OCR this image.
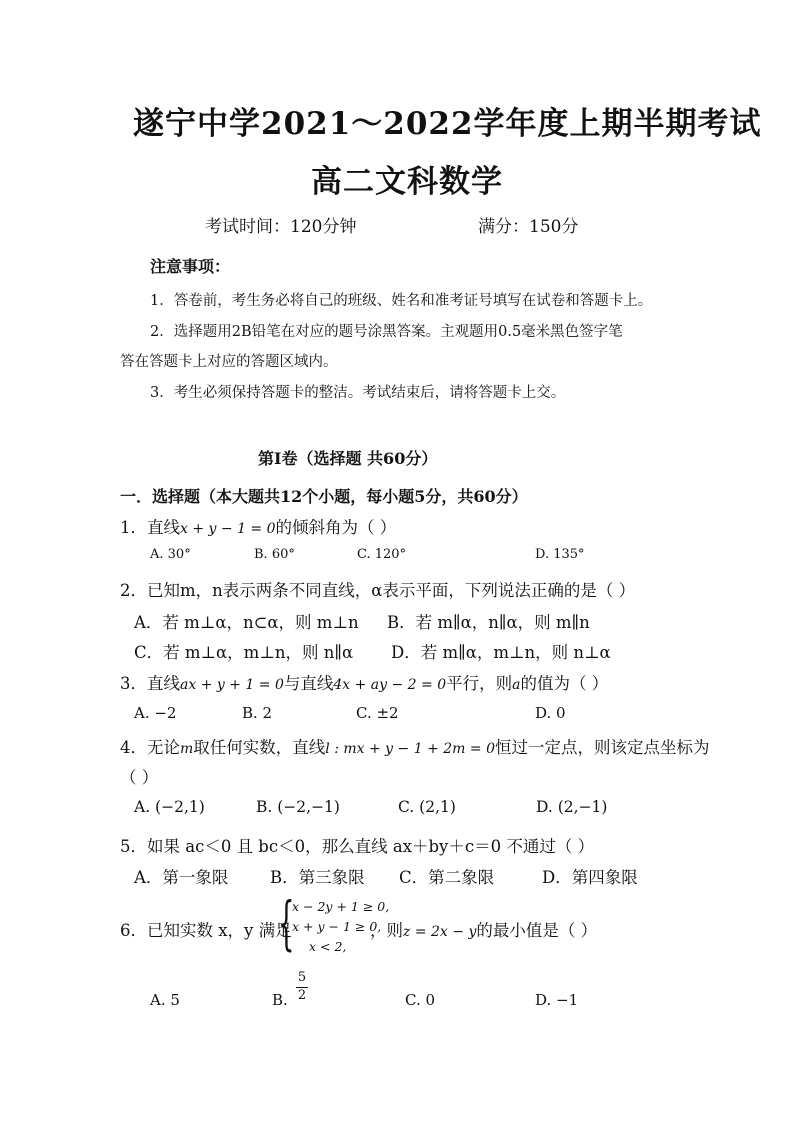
遂宁中学2021～2022学年度上期半期考试
高二文科数学
考试时间：120分钟	满分：150分
注意事项：
1．答卷前，考生务必将自己的班级、姓名和准考证号填写在试卷和答题卡上。
2．选择题用2B铅笔在对应的题号涂黑答案。主观题用0.5毫米黑色签字笔
答在答题卡上对应的答题区域内。
3．考生必须保持答题卡的整洁。考试结束后，请将答题卡上交。
第Ⅰ卷（选择题 共60分）
一．选择题（本大题共12个小题，每小题5分，共60分）
1．直线x + y − 1 = 0的倾斜角为（ ）
A. 30°	B. 60°	C. 120°	D. 135°
2．已知m，n表示两条不同直线，α表示平面，下列说法正确的是（ ）
A．若 m⊥α，n⊂α，则 m⊥n B．若 m∥α，n∥α，则 m∥n
C．若 m⊥α，m⊥n，则 n∥α D．若 m∥α，m⊥n，则 n⊥α
3．直线ax + y + 1 = 0与直线4x + ay − 2 = 0平行，则a的值为（ ）
A. −2	B. 2	C. ±2	D. 0
4．无论m取任何实数，直线l : mx + y − 1 + 2m = 0恒过一定点，则该定点坐标为
（ ）
A. (−2,1)	B. (−2,−1)	C. (2,1)	D. (2,−1)
5．如果 ac＜0 且 bc＜0，那么直线 ax＋by＋c＝0 不通过（ ）
A．第一象限	B．第三象限 C．第二象限	D．第四象限
6．已知实数 x，y 满足
{
x − 2y + 1 ≥ 0,
x + y − 1 ≥ 0,
x < 2,
，则z = 2x − y的最小值是（ ）
A. 5	B.
5
2	C. 0	D. −1
